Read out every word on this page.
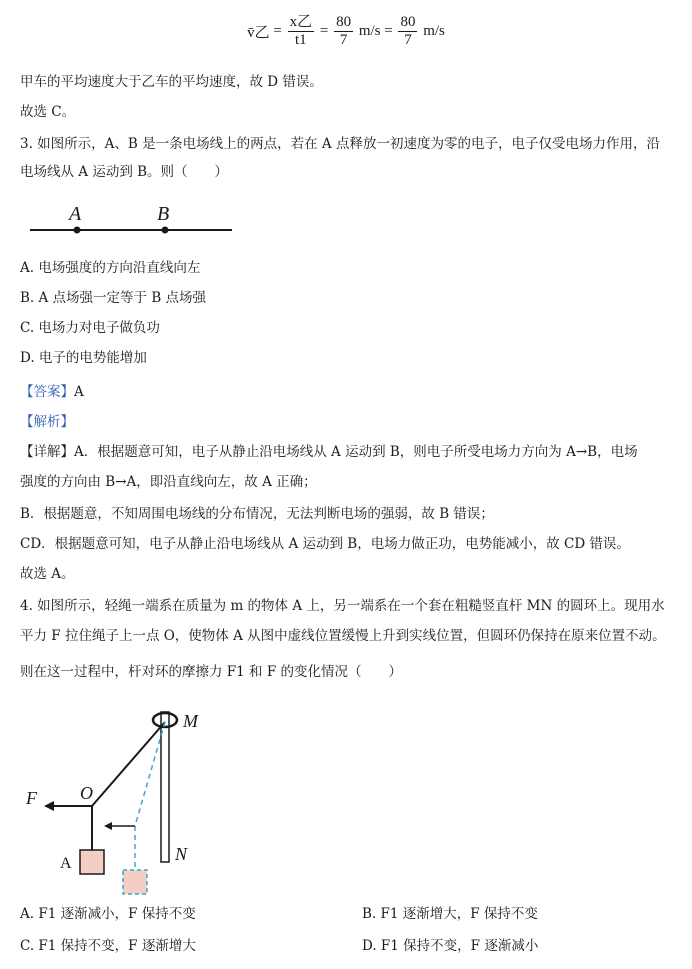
v̄乙 = $\frac{\text{x乙}}{t1} = \frac{80}{7} m/s = \frac{80}{7} m/s$
甲车的平均速度大于乙车的平均速度，故 D 错误。
故选 C。
3. 如图所示，A、B 是一条电场线上的两点，若在 A 点释放一初速度为零的电子，电子仅受电场力作用，沿
电场线从 A 运动到 B。则（　　）
A	B
A. 电场强度的方向沿直线向左
B. A 点场强一定等于 B 点场强
C. 电场力对电子做负功
D. 电子的电势能增加
【答案】A
【解析】
【详解】A．根据题意可知，电子从静止沿电场线从 A 运动到 B，则电子所受电场力方向为 A→B，电场
强度的方向由 B→A，即沿直线向左，故 A 正确；
B．根据题意，不知周围电场线的分布情况，无法判断电场的强弱，故 B 错误；
CD．根据题意可知，电子从静止沿电场线从 A 运动到 B，电场力做正功，电势能减小，故 CD 错误。
故选 A。
4. 如图所示，轻绳一端系在质量为 m 的物体 A 上，另一端系在一个套在粗糙竖直杆 MN 的圆环上。现用水
平力 F 拉住绳子上一点 O，使物体 A 从图中虚线位置缓慢上升到实线位置，但圆环仍保持在原来位置不动。
则在这一过程中，杆对环的摩擦力 F1 和 F 的变化情况（　　）
M
N
F O
A
A. F1 逐渐减小，F 保持不变	B. F1 逐渐增大，F 保持不变
C. F1 保持不变，F 逐渐增大	D. F1 保持不变，F 逐渐减小
